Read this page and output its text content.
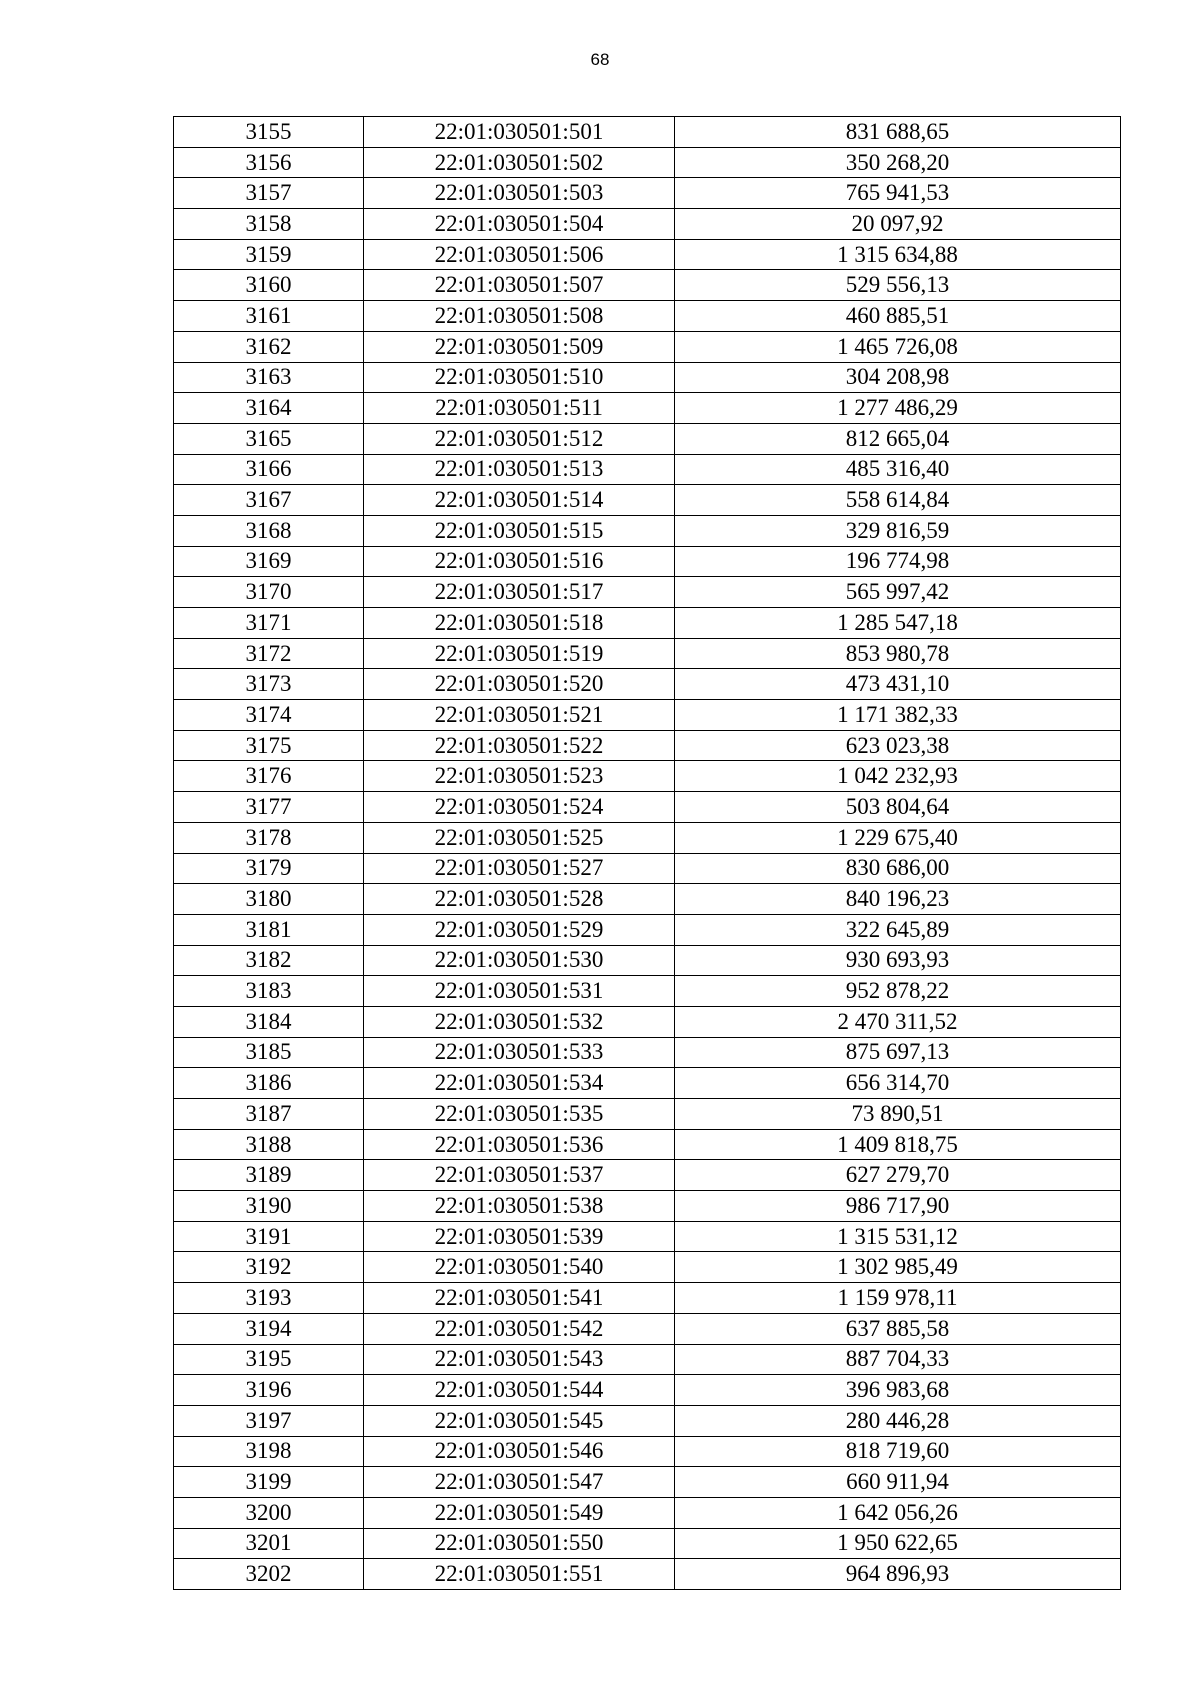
68
3155	22:01:030501:501	831 688,65
3156	22:01:030501:502	350 268,20
3157	22:01:030501:503	765 941,53
3158	22:01:030501:504	20 097,92
3159	22:01:030501:506	1 315 634,88
3160	22:01:030501:507	529 556,13
3161	22:01:030501:508	460 885,51
3162	22:01:030501:509	1 465 726,08
3163	22:01:030501:510	304 208,98
3164	22:01:030501:511	1 277 486,29
3165	22:01:030501:512	812 665,04
3166	22:01:030501:513	485 316,40
3167	22:01:030501:514	558 614,84
3168	22:01:030501:515	329 816,59
3169	22:01:030501:516	196 774,98
3170	22:01:030501:517	565 997,42
3171	22:01:030501:518	1 285 547,18
3172	22:01:030501:519	853 980,78
3173	22:01:030501:520	473 431,10
3174	22:01:030501:521	1 171 382,33
3175	22:01:030501:522	623 023,38
3176	22:01:030501:523	1 042 232,93
3177	22:01:030501:524	503 804,64
3178	22:01:030501:525	1 229 675,40
3179	22:01:030501:527	830 686,00
3180	22:01:030501:528	840 196,23
3181	22:01:030501:529	322 645,89
3182	22:01:030501:530	930 693,93
3183	22:01:030501:531	952 878,22
3184	22:01:030501:532	2 470 311,52
3185	22:01:030501:533	875 697,13
3186	22:01:030501:534	656 314,70
3187	22:01:030501:535	73 890,51
3188	22:01:030501:536	1 409 818,75
3189	22:01:030501:537	627 279,70
3190	22:01:030501:538	986 717,90
3191	22:01:030501:539	1 315 531,12
3192	22:01:030501:540	1 302 985,49
3193	22:01:030501:541	1 159 978,11
3194	22:01:030501:542	637 885,58
3195	22:01:030501:543	887 704,33
3196	22:01:030501:544	396 983,68
3197	22:01:030501:545	280 446,28
3198	22:01:030501:546	818 719,60
3199	22:01:030501:547	660 911,94
3200	22:01:030501:549	1 642 056,26
3201	22:01:030501:550	1 950 622,65
3202	22:01:030501:551	964 896,93
